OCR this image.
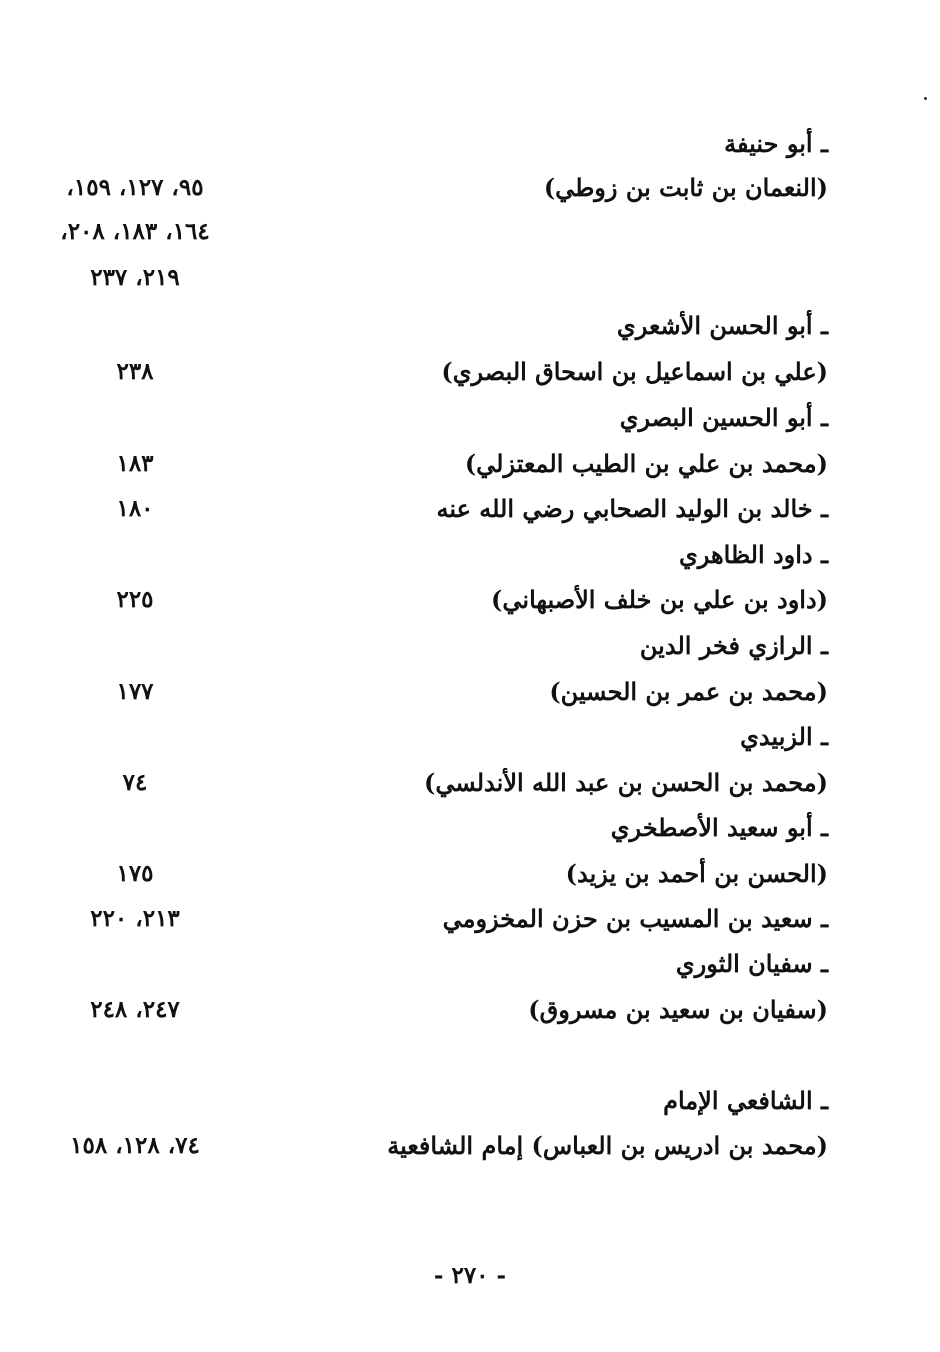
ـ أبو حنيفة
(النعمان بن ثابت بن زوطي)
٩٥، ١٢٧، ١٥٩،
١٦٤، ١٨٣، ٢٠٨،
٢١٩، ٢٣٧
ـ أبو الحسن الأشعري
(علي بن اسماعيل بن اسحاق البصري)
٢٣٨
ـ أبو الحسين البصري
(محمد بن علي بن الطيب المعتزلي)
١٨٣
ـ خالد بن الوليد الصحابي رضي الله عنه
١٨٠
ـ داود الظاهري
(داود بن علي بن خلف الأصبهاني)
٢٢٥
ـ الرازي فخر الدين
(محمد بن عمر بن الحسين)
١٧٧
ـ الزبيدي
(محمد بن الحسن بن عبد الله الأندلسي)
٧٤
ـ أبو سعيد الأصطخري
(الحسن بن أحمد بن يزيد)
١٧٥
ـ سعيد بن المسيب بن حزن المخزومي
٢١٣، ٢٢٠
ـ سفيان الثوري
(سفيان بن سعيد بن مسروق)
٢٤٧، ٢٤٨
ـ الشافعي الإمام
(محمد بن ادريس بن العباس) إمام الشافعية
٧٤، ١٢٨، ١٥٨
- ٢٧٠ -
